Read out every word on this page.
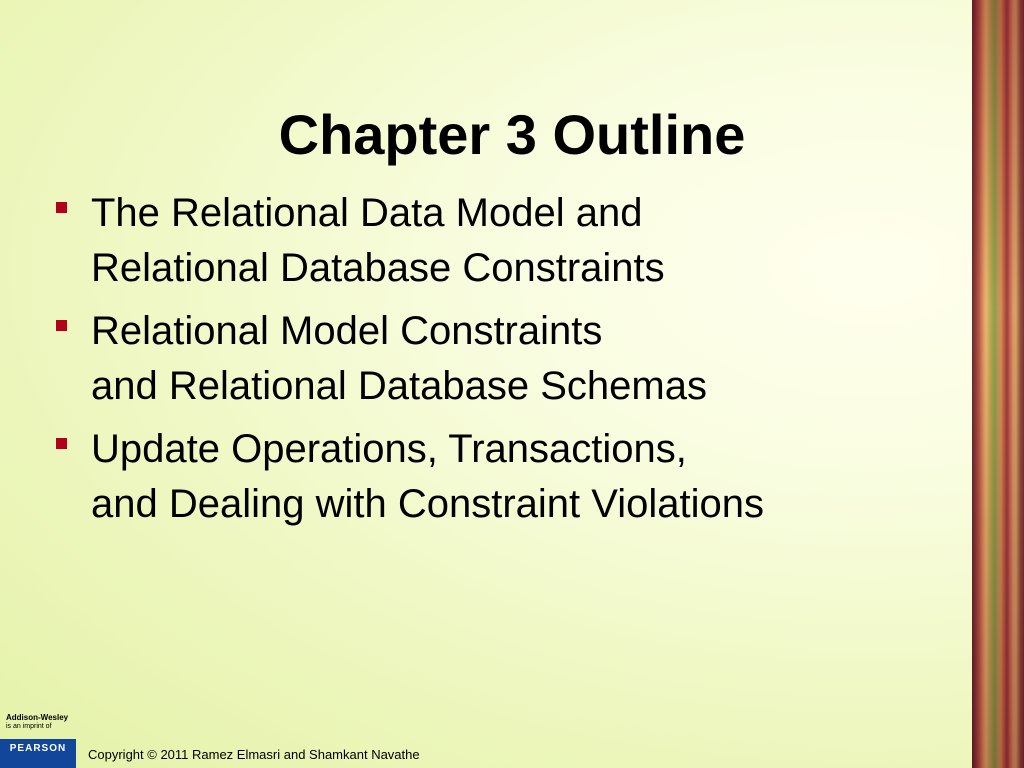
Chapter 3 Outline
The Relational Data Model and
Relational Database Constraints
Relational Model Constraints
and Relational Database Schemas
Update Operations, Transactions,
and Dealing with Constraint Violations
Addison-Wesley
is an imprint of
PEARSON	Copyright © 2011 Ramez Elmasri and Shamkant Navathe
